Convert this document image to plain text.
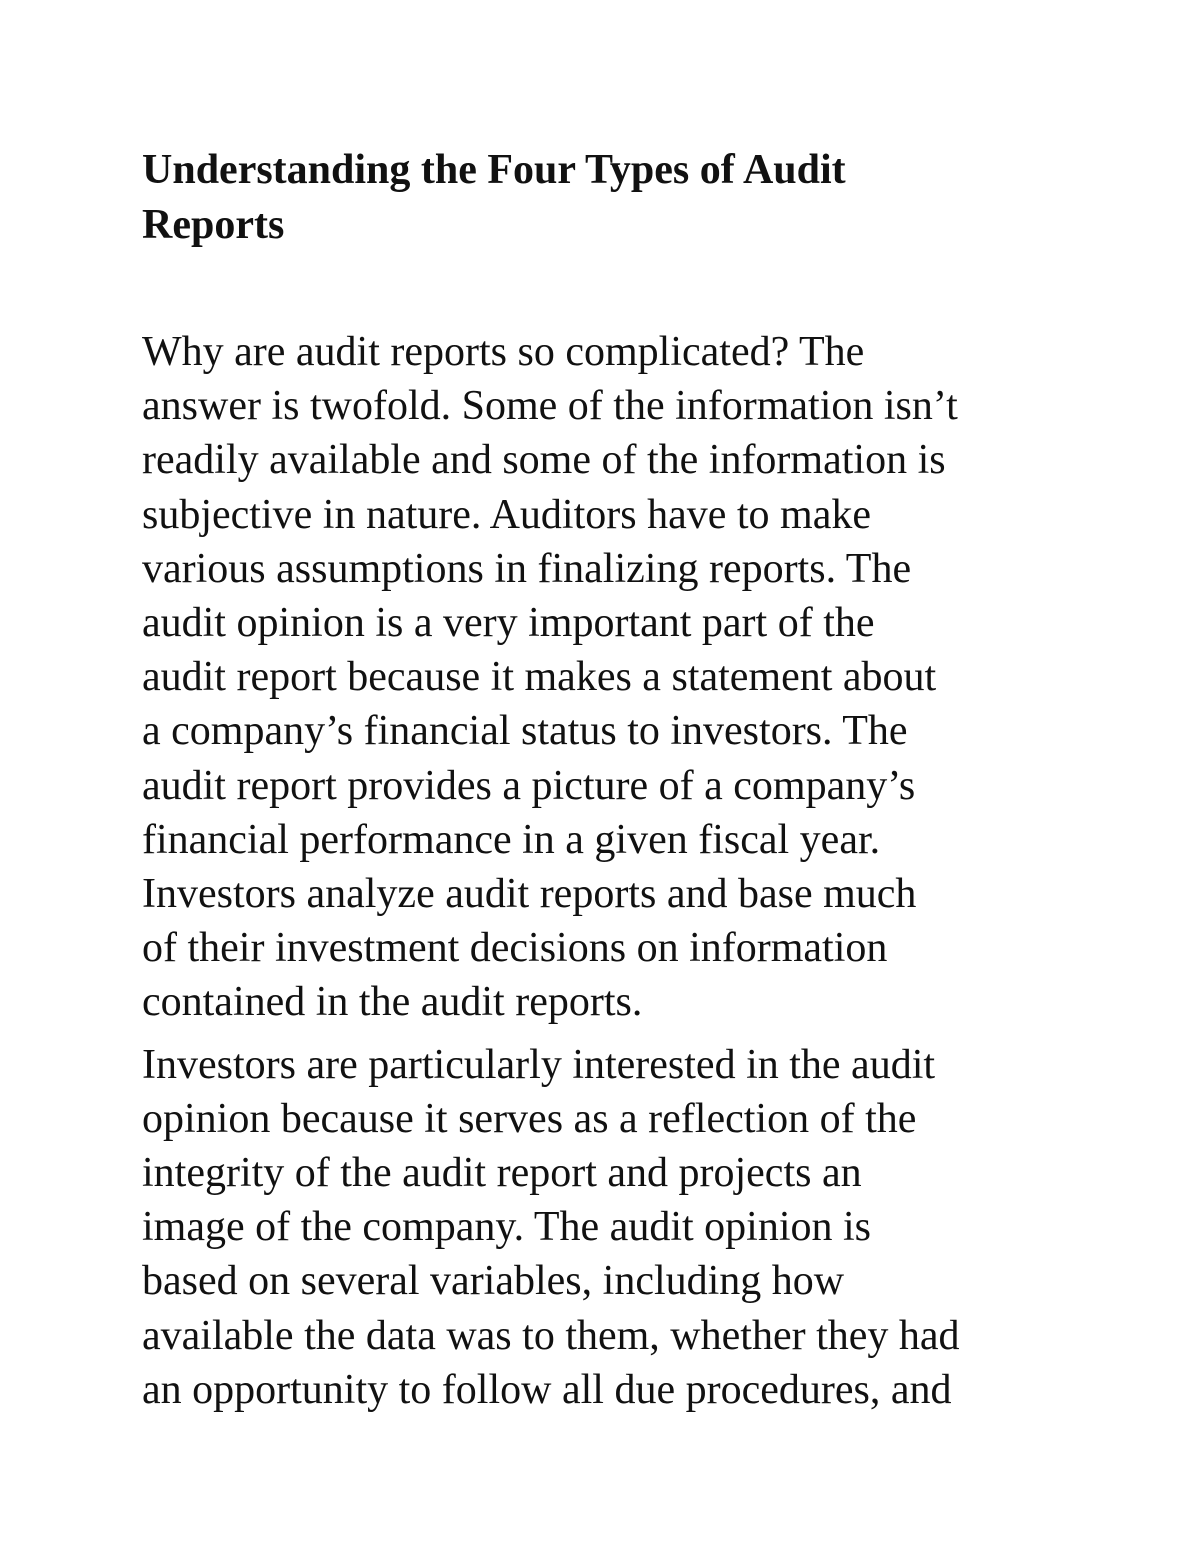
Understanding the Four Types of Audit
Reports

Why are audit reports so complicated? The
answer is twofold. Some of the information isn’t
readily available and some of the information is
subjective in nature. Auditors have to make
various assumptions in finalizing reports. The
audit opinion is a very important part of the
audit report because it makes a statement about
a company’s financial status to investors. The
audit report provides a picture of a company’s
financial performance in a given fiscal year.
Investors analyze audit reports and base much
of their investment decisions on information
contained in the audit reports.

Investors are particularly interested in the audit
opinion because it serves as a reflection of the
integrity of the audit report and projects an
image of the company. The audit opinion is
based on several variables, including how
available the data was to them, whether they had
an opportunity to follow all due procedures, and
